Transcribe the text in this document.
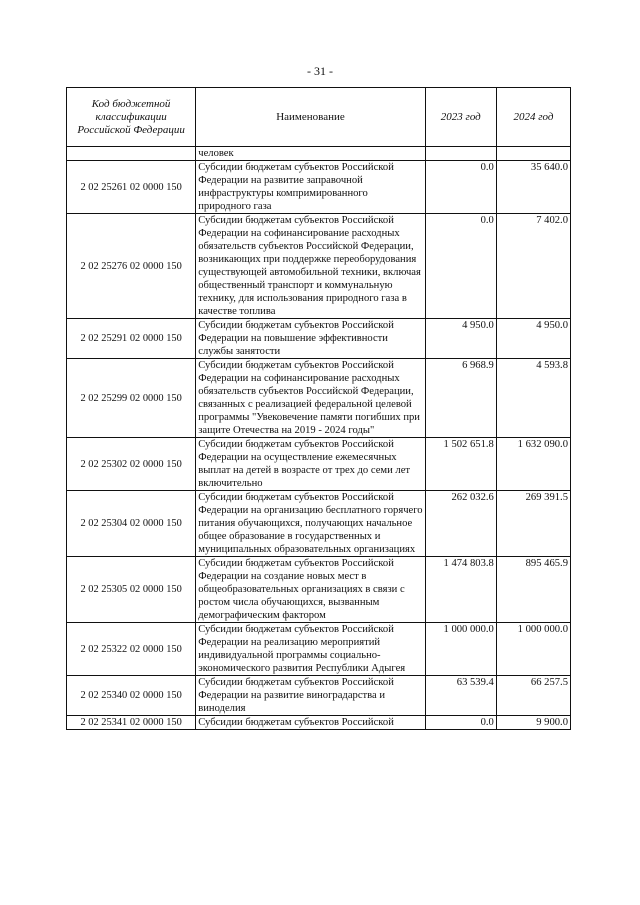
- 31 -
Код бюджетной классификации Российской Федерации	Наименование	2023 год	2024 год
	человек		
2 02 25261 02 0000 150	Субсидии бюджетам субъектов Российской Федерации на развитие заправочной инфраструктуры компримированного природного газа	0.0	35 640.0
2 02 25276 02 0000 150	Субсидии бюджетам субъектов Российской Федерации на софинансирование расходных обязательств субъектов Российской Федерации, возникающих при поддержке переоборудования существующей автомобильной техники, включая общественный транспорт и коммунальную технику, для использования природного газа в качестве топлива	0.0	7 402.0
2 02 25291 02 0000 150	Субсидии бюджетам субъектов Российской Федерации на повышение эффективности службы занятости	4 950.0	4 950.0
2 02 25299 02 0000 150	Субсидии бюджетам субъектов Российской Федерации на софинансирование расходных обязательств субъектов Российской Федерации, связанных с реализацией федеральной целевой программы "Увековечение памяти погибших при защите Отечества на 2019 - 2024 годы"	6 968.9	4 593.8
2 02 25302 02 0000 150	Субсидии бюджетам субъектов Российской Федерации на осуществление ежемесячных выплат на детей в возрасте от трех до семи лет включительно	1 502 651.8	1 632 090.0
2 02 25304 02 0000 150	Субсидии бюджетам субъектов Российской Федерации на организацию бесплатного горячего питания обучающихся, получающих начальное общее образование в государственных и муниципальных образовательных организациях	262 032.6	269 391.5
2 02 25305 02 0000 150	Субсидии бюджетам субъектов Российской Федерации на создание новых мест в общеобразовательных организациях в связи с ростом числа обучающихся, вызванным демографическим фактором	1 474 803.8	895 465.9
2 02 25322 02 0000 150	Субсидии бюджетам субъектов Российской Федерации на реализацию мероприятий индивидуальной программы социально-экономического развития Республики Адыгея	1 000 000.0	1 000 000.0
2 02 25340 02 0000 150	Субсидии бюджетам субъектов Российской Федерации на развитие виноградарства и виноделия	63 539.4	66 257.5
2 02 25341 02 0000 150	Субсидии бюджетам субъектов Российской	0.0	9 900.0
